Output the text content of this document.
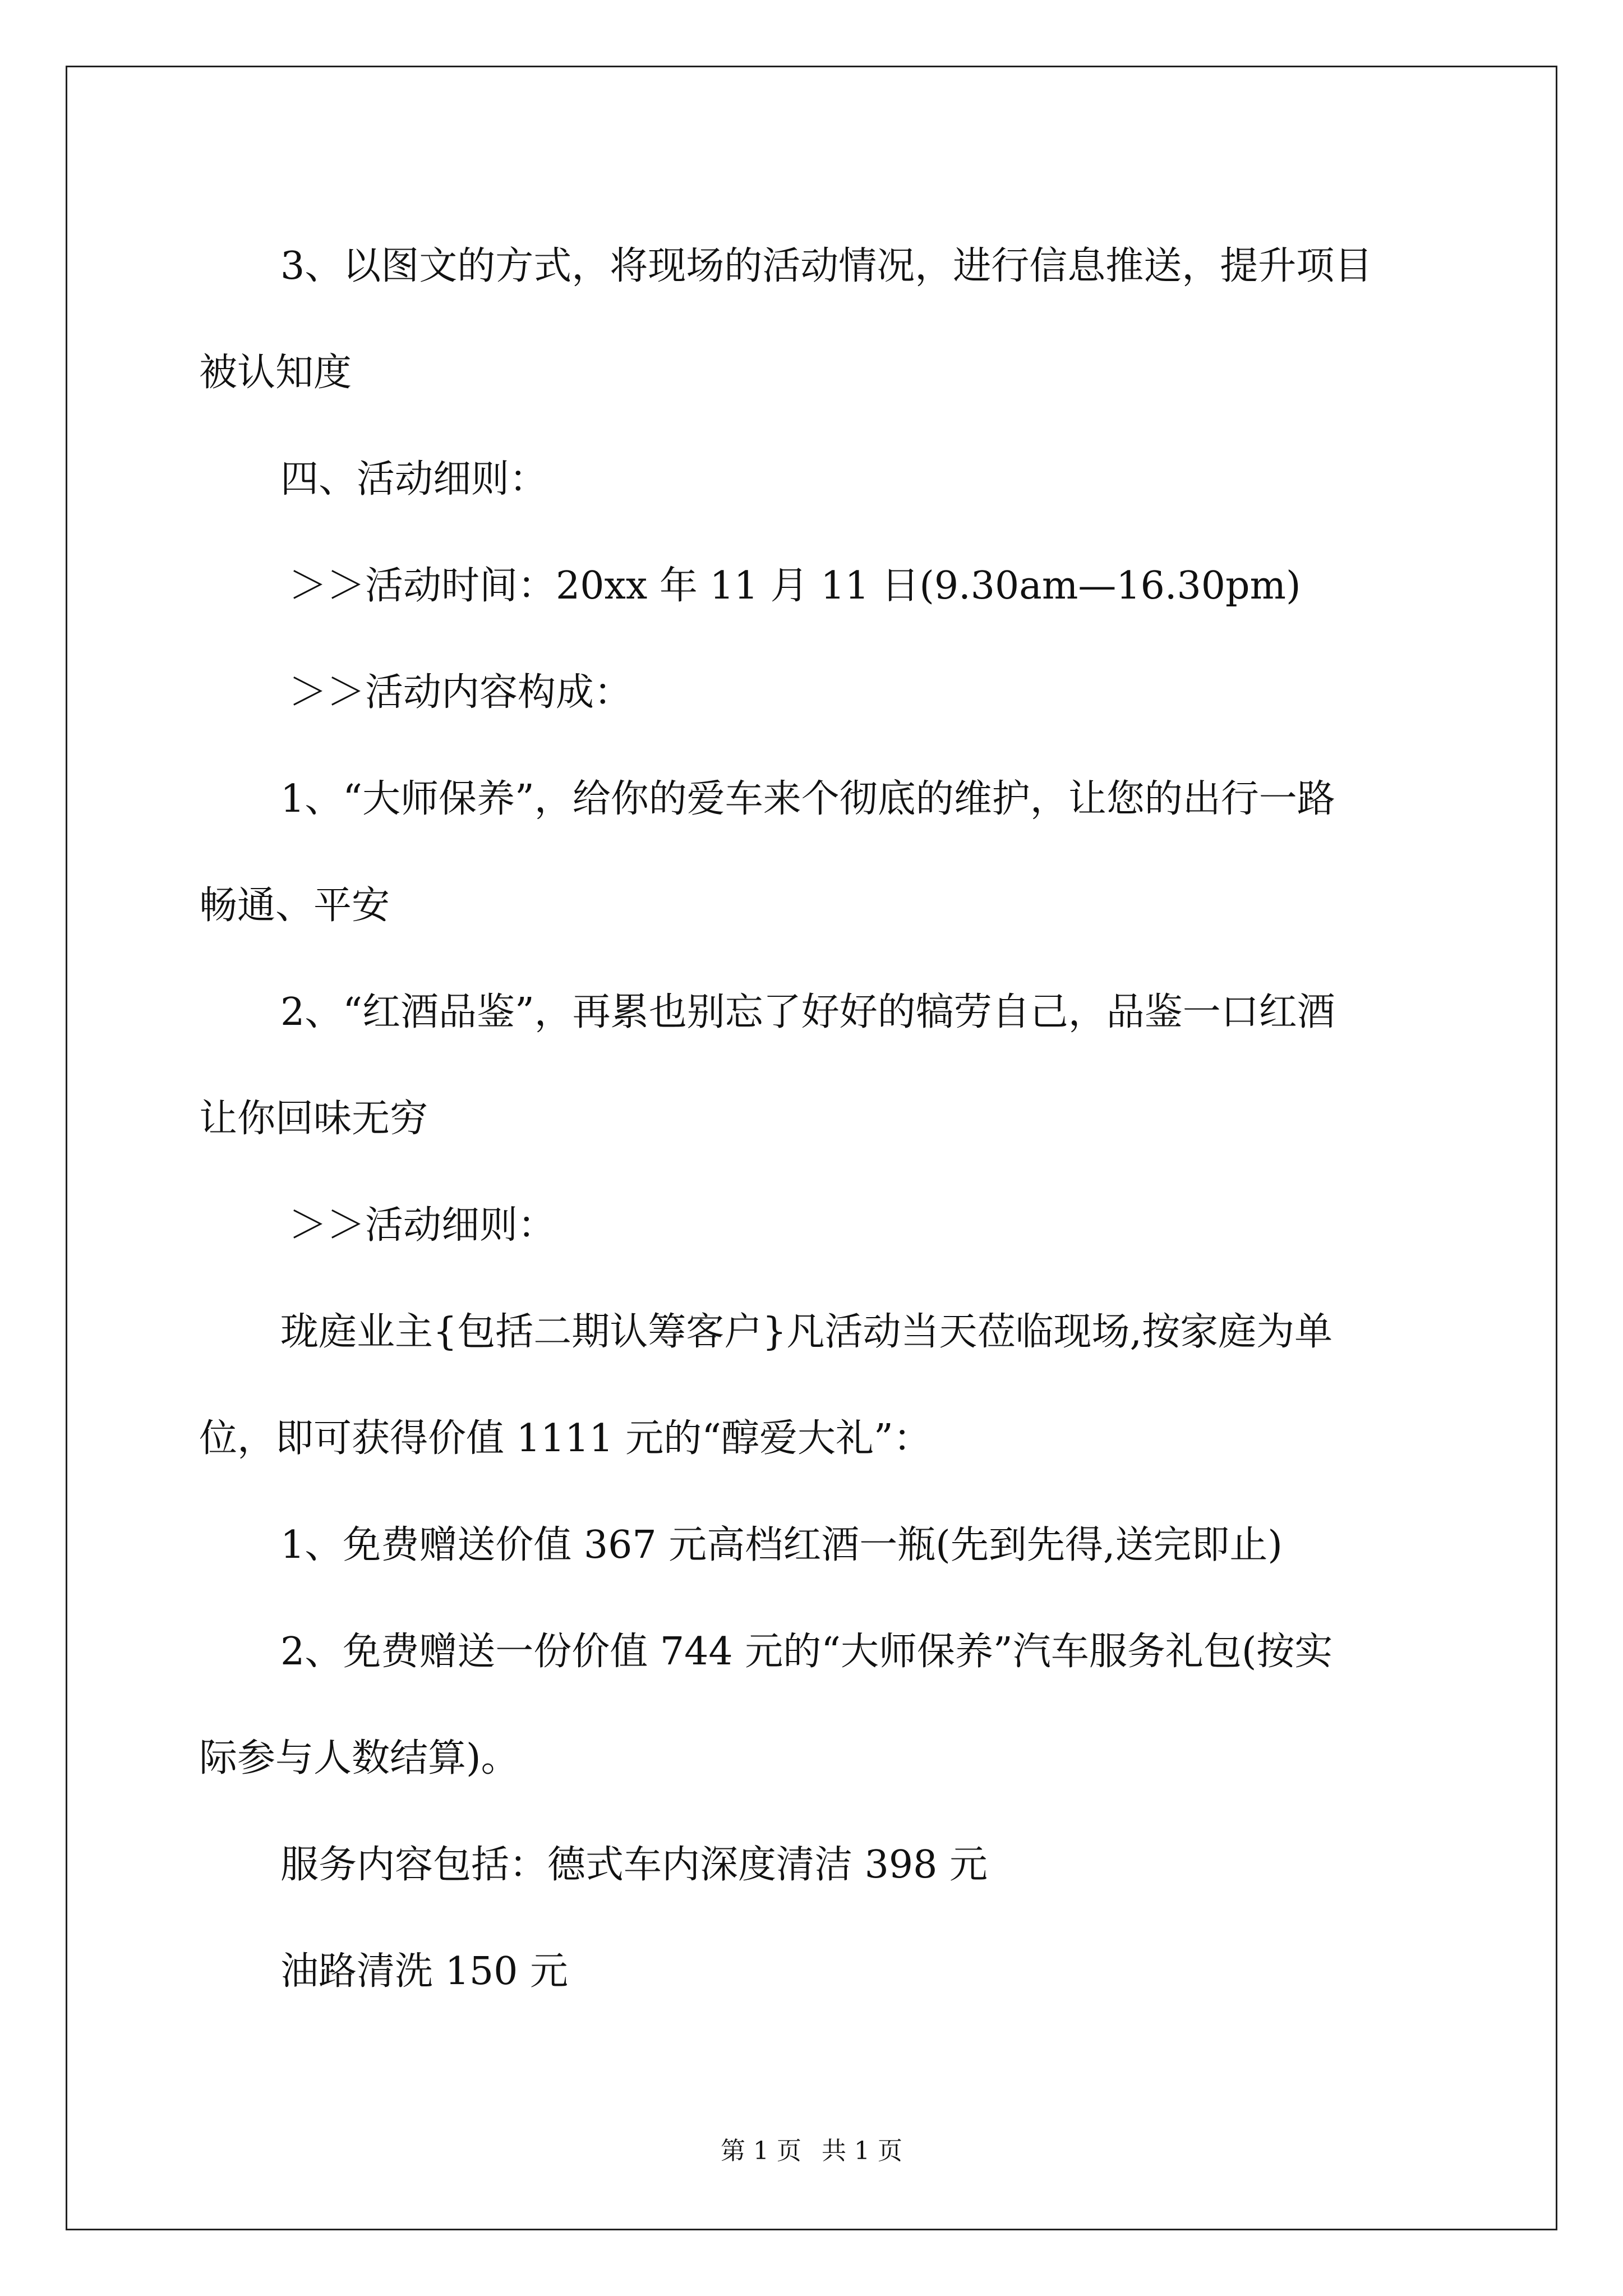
3、以图文的方式，将现场的活动情况，进行信息推送，提升项目

被认知度

四、活动细则：

＞＞活动时间：20xx 年 11 月 11 日(9.30am—16.30pm)

＞＞活动内容构成：

1、“大师保养”，给你的爱车来个彻底的维护，让您的出行一路

畅通、平安

2、“红酒品鉴”，再累也别忘了好好的犒劳自己，品鉴一口红酒

让你回味无穷

＞＞活动细则：

珑庭业主{包括二期认筹客户}凡活动当天莅临现场,按家庭为单

位，即可获得价值 1111 元的“醇爱大礼”：

1、免费赠送价值 367 元高档红酒一瓶(先到先得,送完即止)

2、免费赠送一份价值 744 元的“大师保养”汽车服务礼包(按实

际参与人数结算)。

服务内容包括：德式车内深度清洁 398 元

油路清洗 150 元

第 1 页 共 1 页
